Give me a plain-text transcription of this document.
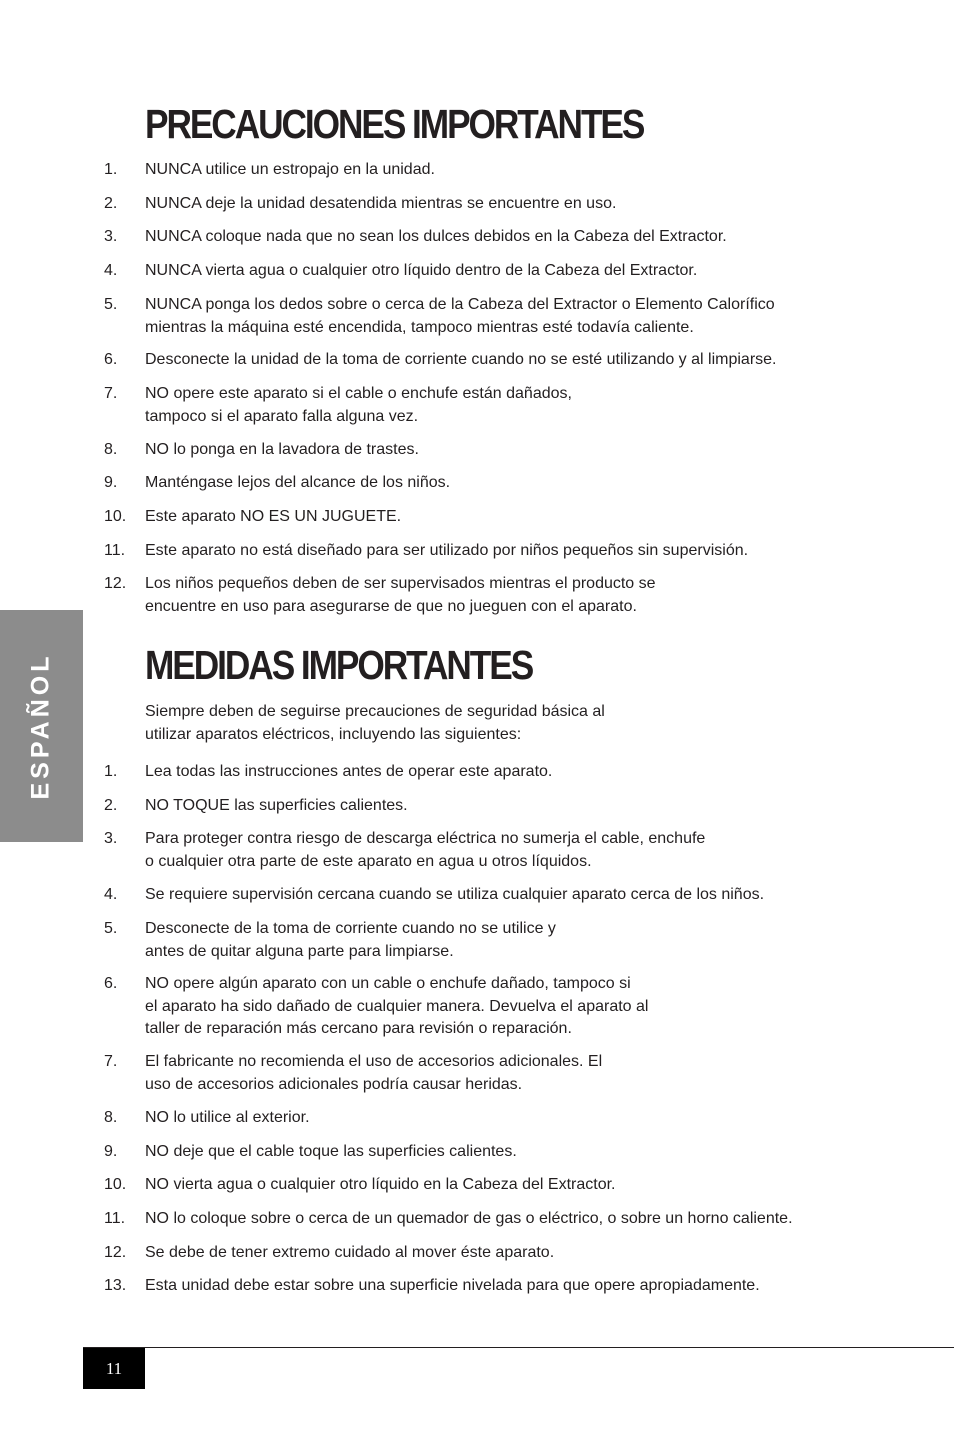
PRECAUCIONES IMPORTANTES
1. NUNCA utilice un estropajo en la unidad.
2. NUNCA deje la unidad desatendida mientras se encuentre en uso.
3. NUNCA coloque nada que no sean los dulces debidos en la Cabeza del Extractor.
4. NUNCA vierta agua o cualquier otro líquido dentro de la Cabeza del Extractor.
5. NUNCA ponga los dedos sobre o cerca de la Cabeza del Extractor o Elemento Calorífico
mientras la máquina esté encendida, tampoco mientras esté todavía caliente.
6. Desconecte la unidad de la toma de corriente cuando no se esté utilizando y al limpiarse.
7. NO opere este aparato si el cable o enchufe están dañados,
tampoco si el aparato falla alguna vez.
8. NO lo ponga en la lavadora de trastes.
9. Manténgase lejos del alcance de los niños.
10. Este aparato NO ES UN JUGUETE.
11. Este aparato no está diseñado para ser utilizado por niños pequeños sin supervisión.
12. Los niños pequeños deben de ser supervisados mientras el producto se
encuentre en uso para asegurarse de que no jueguen con el aparato.
MEDIDAS IMPORTANTES

Siempre deben de seguirse precauciones de seguridad básica al
utilizar aparatos eléctricos, incluyendo las siguientes:

1. Lea todas las instrucciones antes de operar este aparato.
2. NO TOQUE las superficies calientes.
3. Para proteger contra riesgo de descarga eléctrica no sumerja el cable, enchufe
o cualquier otra parte de este aparato en agua u otros líquidos.
4. Se requiere supervisión cercana cuando se utiliza cualquier aparato cerca de los niños.
5. Desconecte de la toma de corriente cuando no se utilice y
antes de quitar alguna parte para limpiarse.
6. NO opere algún aparato con un cable o enchufe dañado, tampoco si
el aparato ha sido dañado de cualquier manera. Devuelva el aparato al
taller de reparación más cercano para revisión o reparación.
7. El fabricante no recomienda el uso de accesorios adicionales. El
uso de accesorios adicionales podría causar heridas.
8. NO lo utilice al exterior.
9. NO deje que el cable toque las superficies calientes.
10. NO vierta agua o cualquier otro líquido en la Cabeza del Extractor.
11. NO lo coloque sobre o cerca de un quemador de gas o eléctrico, o sobre un horno caliente.
12. Se debe de tener extremo cuidado al mover éste aparato.
13. Esta unidad debe estar sobre una superficie nivelada para que opere apropiadamente.
ESPAÑOL
11
